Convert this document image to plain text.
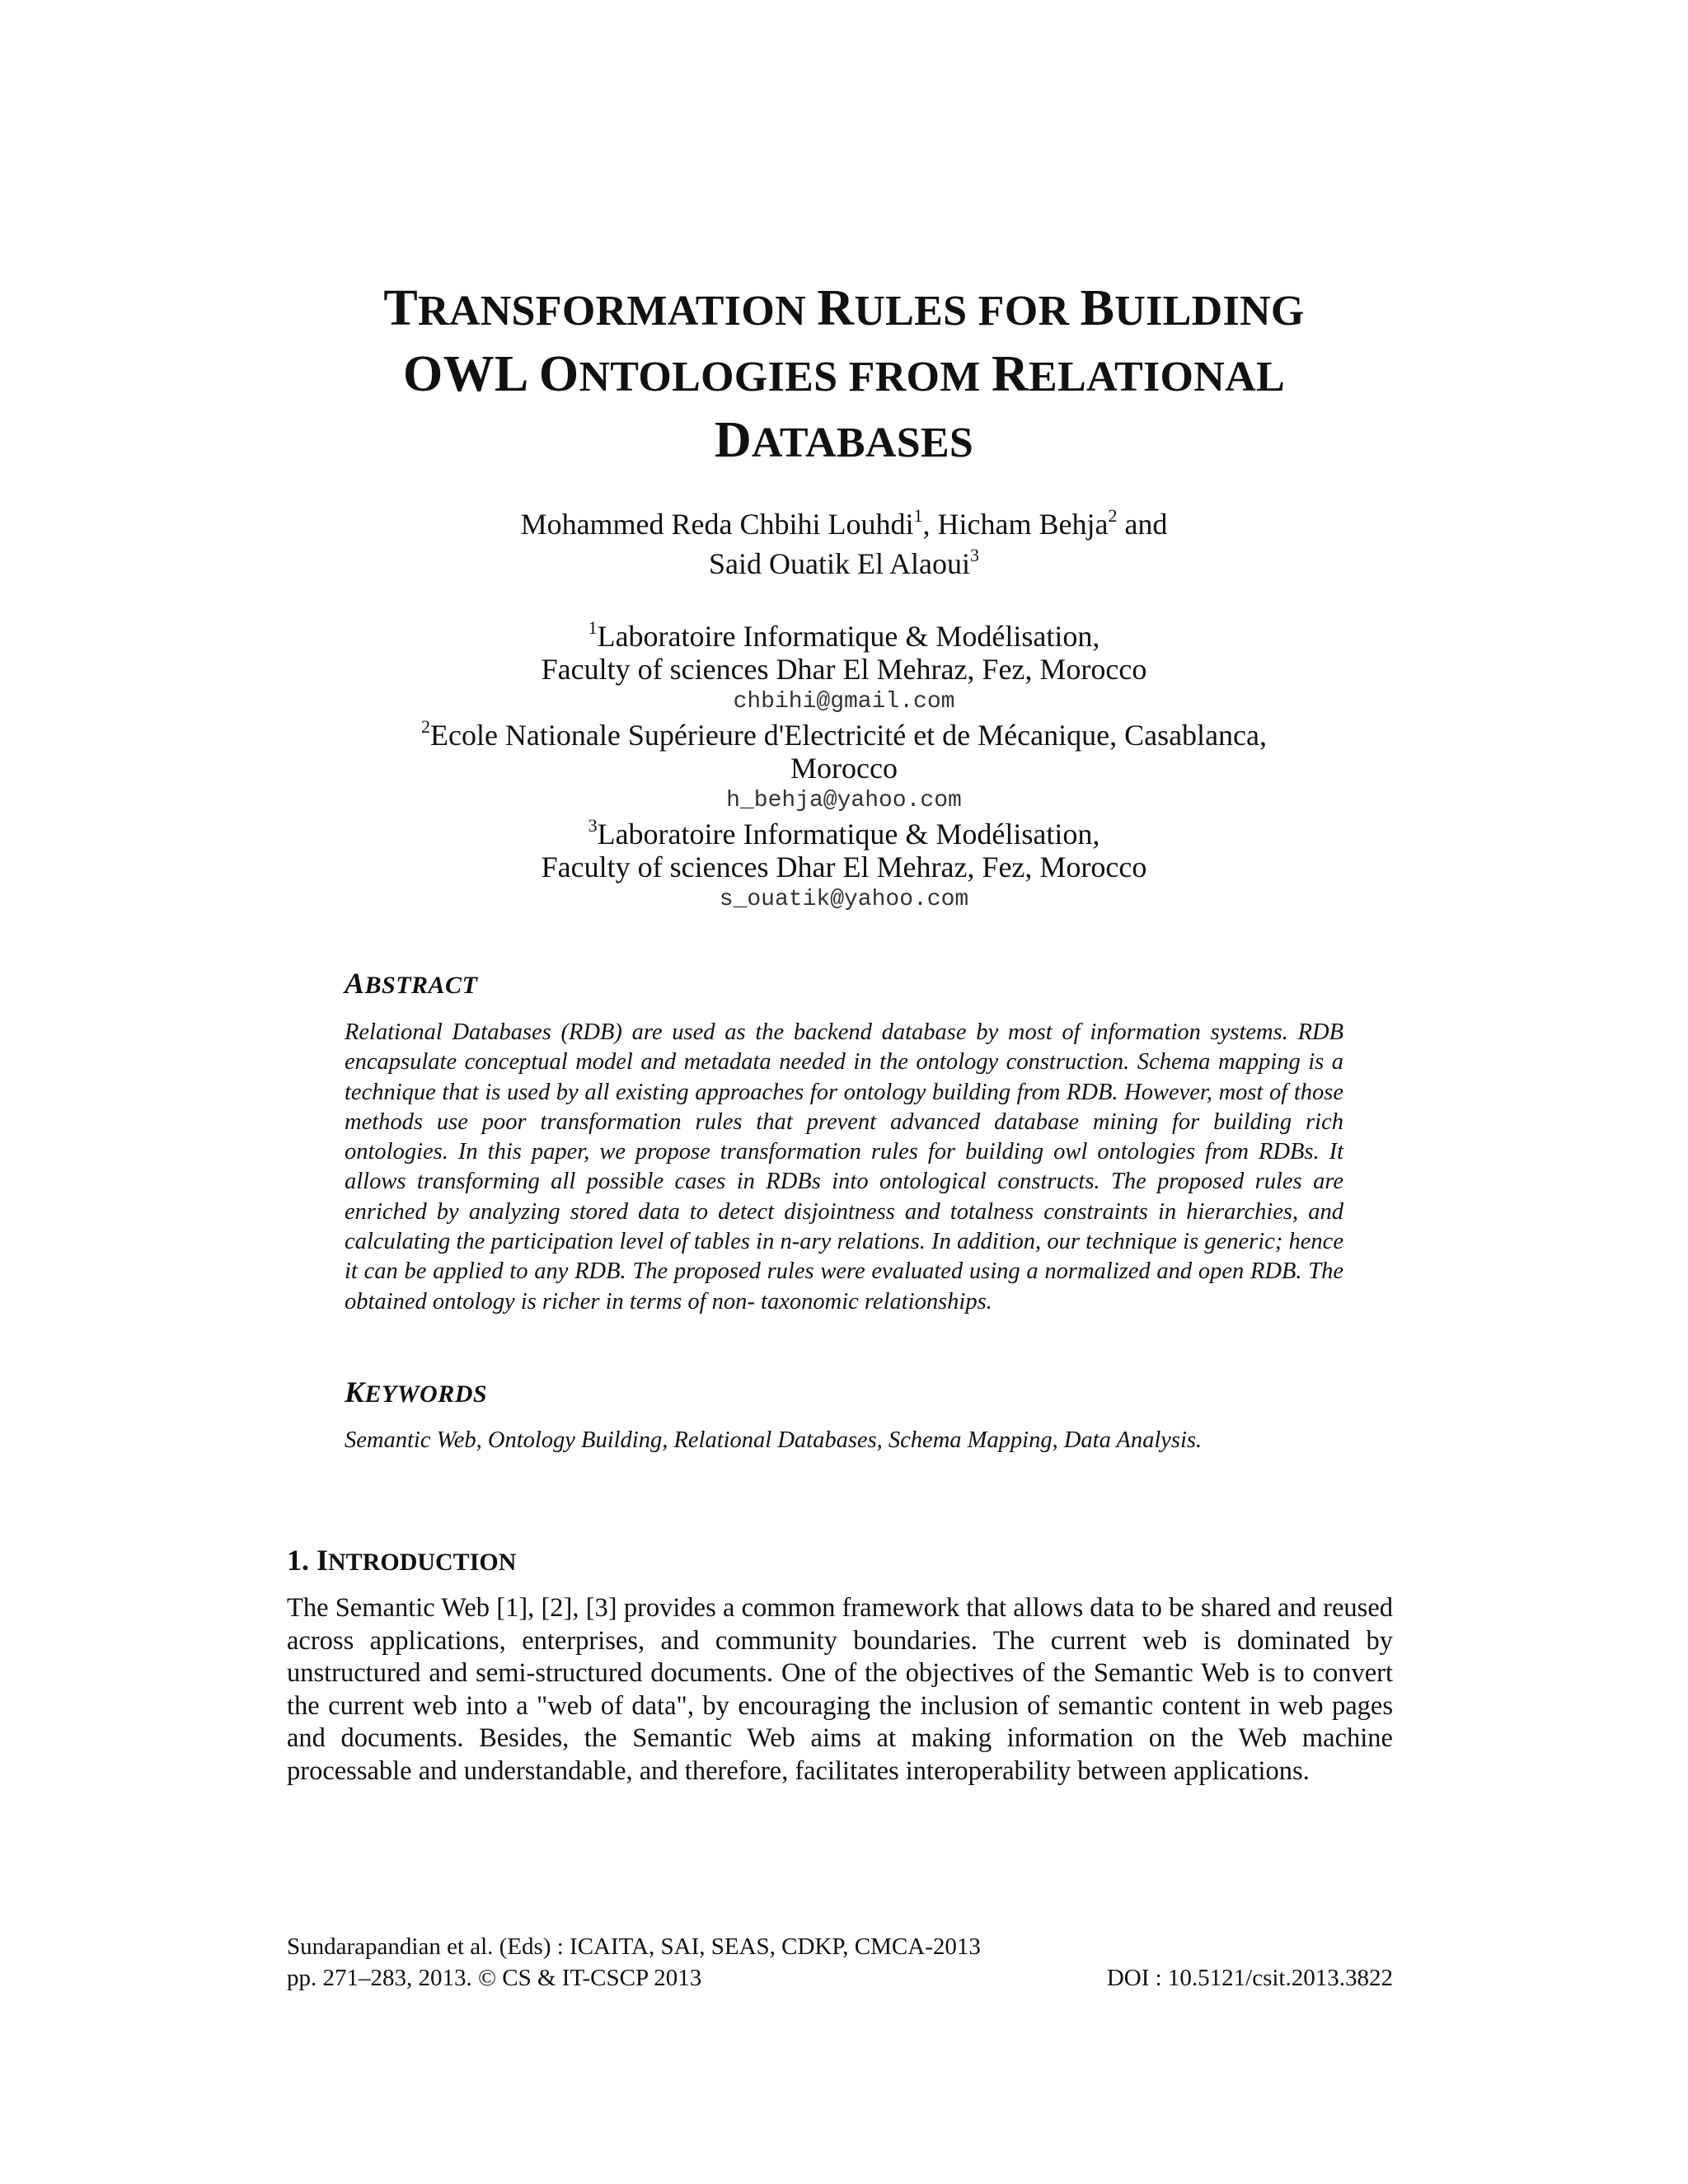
TRANSFORMATION RULES FOR BUILDING
OWL ONTOLOGIES FROM RELATIONAL
DATABASES
Mohammed Reda Chbihi Louhdi$^1$, Hicham Behja$^2$ and
Said Ouatik El Alaoui$^3$
$^1$Laboratoire Informatique & Modélisation,
Faculty of sciences Dhar El Mehraz, Fez, Morocco
chbihi@gmail.com
$^2$Ecole Nationale Supérieure d'Electricité et de Mécanique, Casablanca,
Morocco
h_behja@yahoo.com
$^3$Laboratoire Informatique & Modélisation,
Faculty of sciences Dhar El Mehraz, Fez, Morocco
s_ouatik@yahoo.com
ABSTRACT
Relational Databases (RDB) are used as the backend database by most of information systems. RDB encapsulate conceptual model and metadata needed in the ontology construction. Schema mapping is a technique that is used by all existing approaches for ontology building from RDB. However, most of those methods use poor transformation rules that prevent advanced database mining for building rich ontologies. In this paper, we propose transformation rules for building owl ontologies from RDBs. It allows transforming all possible cases in RDBs into ontological constructs. The proposed rules are enriched by analyzing stored data to detect disjointness and totalness constraints in hierarchies, and calculating the participation level of tables in n-ary relations. In addition, our technique is generic; hence it can be applied to any RDB. The proposed rules were evaluated using a normalized and open RDB. The obtained ontology is richer in terms of non- taxonomic relationships.
KEYWORDS
Semantic Web, Ontology Building, Relational Databases, Schema Mapping, Data Analysis.
1. INTRODUCTION
The Semantic Web [1], [2], [3] provides a common framework that allows data to be shared and reused across applications, enterprises, and community boundaries. The current web is dominated by unstructured and semi-structured documents. One of the objectives of the Semantic Web is to convert the current web into a "web of data", by encouraging the inclusion of semantic content in web pages and documents. Besides, the Semantic Web aims at making information on the Web machine processable and understandable, and therefore, facilitates interoperability between applications.
Sundarapandian et al. (Eds) : ICAITA, SAI, SEAS, CDKP, CMCA-2013
pp. 271–283, 2013. © CS & IT-CSCP 2013	DOI : 10.5121/csit.2013.3822
